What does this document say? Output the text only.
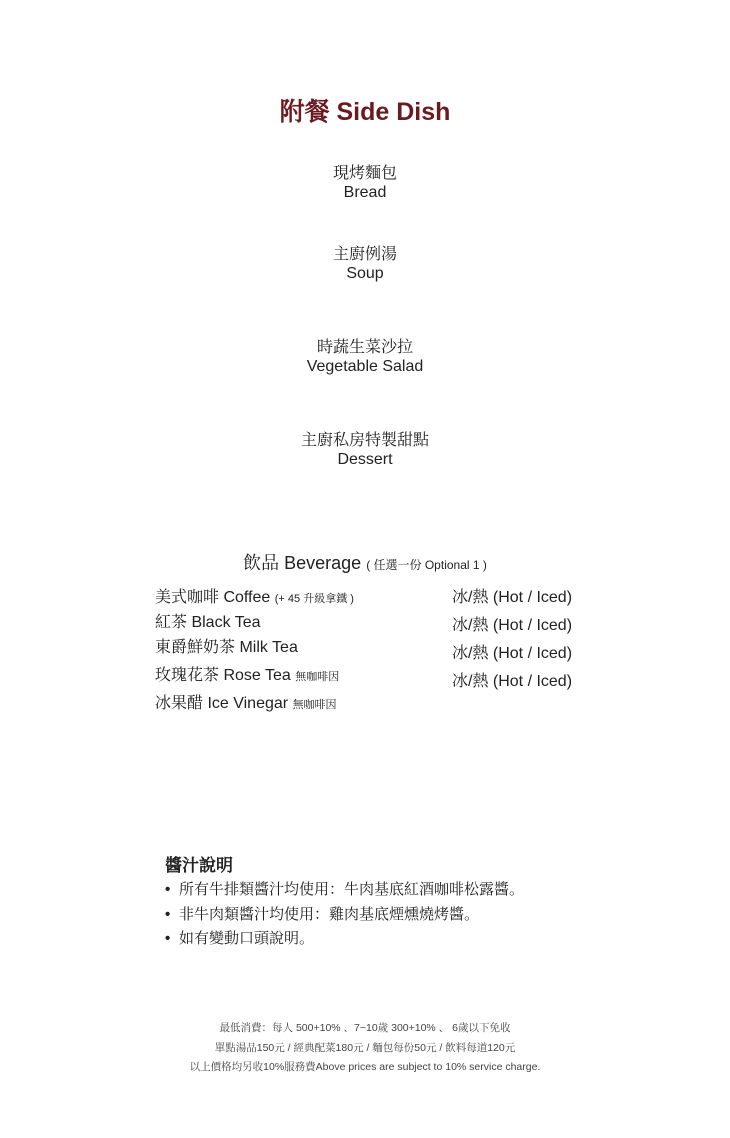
附餐 Side Dish
現烤麵包
Bread
主廚例湯
Soup
時蔬生菜沙拉
Vegetable Salad
主廚私房特製甜點
Dessert
飲品 Beverage ( 任選一份 Optional 1 )
美式咖啡 Coffee (+ 45 升級拿鐵 )
紅茶 Black Tea
東爵鮮奶茶 Milk Tea
玫瑰花茶 Rose Tea 無咖啡因
冰果醋 Ice Vinegar 無咖啡因
冰/熱 (Hot / Iced)
冰/熱 (Hot / Iced)
冰/熱 (Hot / Iced)
冰/熱 (Hot / Iced)
醬汁說明
• 所有牛排類醬汁均使用：牛肉基底紅酒咖啡松露醬。
• 非牛肉類醬汁均使用：雞肉基底煙燻燒烤醬。
• 如有變動口頭說明。
最低消費：每人 500+10% 、7~10歲 300+10% 、 6歲以下免收
單點湯品150元 / 經典配菜180元 / 麵包每份50元 / 飲料每道120元
以上價格均另收10%服務費Above prices are subject to 10% service charge.
